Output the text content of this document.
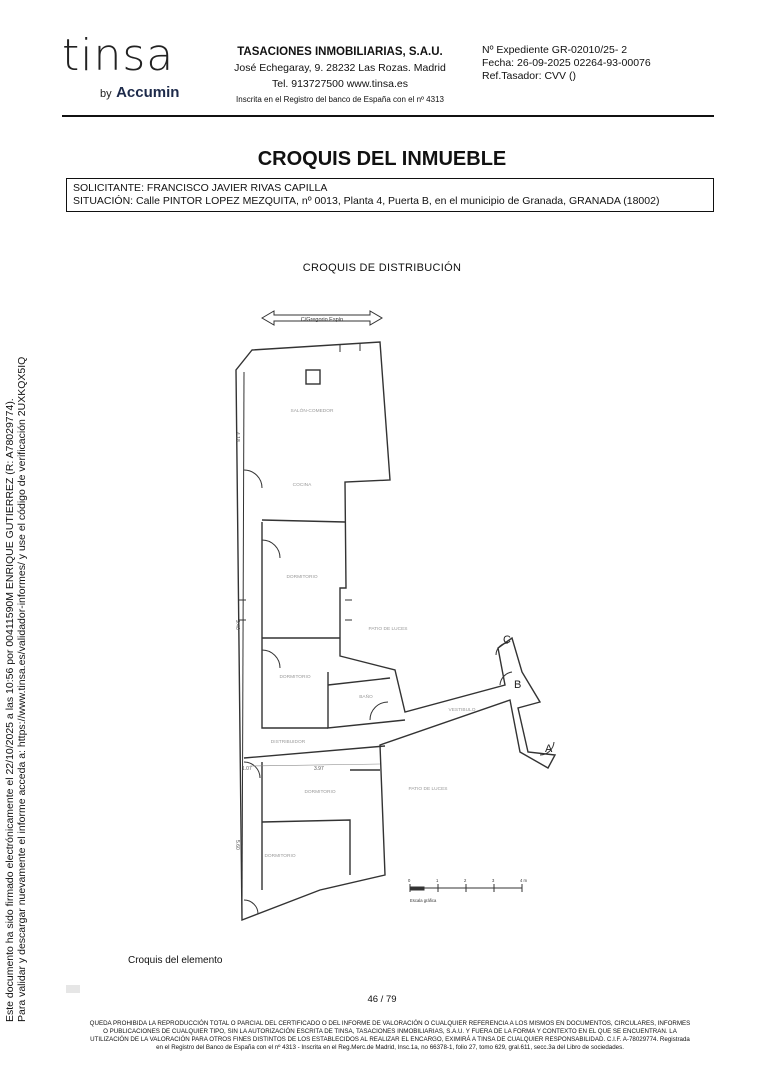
tinsa
by Accumin
TASACIONES INMOBILIARIAS, S.A.U.
José Echegaray, 9. 28232 Las Rozas. Madrid
Tel. 913727500 www.tinsa.es
Inscrita en el Registro del banco de España con el nº 4313
Nº Expediente GR-02010/25- 2
Fecha: 26-09-2025 02264-93-00076
Ref.Tasador: CVV ()
CROQUIS DEL INMUEBLE
SOLICITANTE: FRANCISCO JAVIER RIVAS CAPILLA
SITUACIÓN: Calle PINTOR LOPEZ MEZQUITA, nº 0013, Planta 4, Puerta B, en el municipio de Granada, GRANADA (18002)
CROQUIS DE DISTRIBUCIÓN
SALÓN-COMEDOR
COCINA
DORMITORIO
DORMITORIO
BAÑO
VESTIBULO
DISTRIBUIDOR
PATIO DE LUCES
PATIO DE LUCES
DORMITORIO
DORMITORIO
4.18
9.40
5.60
1.07	3.97
C/Gregorio Espín
A
B
C
0	1	2	3	4 m
Escala gráfica
Croquis del elemento
46 / 79
Este documento ha sido firmado electrónicamente el 22/10/2025 a las 10:56 por 00411590M ENRIQUE GUTIERREZ (R: A78029774). Para validar y descargar nuevamente el informe acceda a: https://www.tinsa.es/validador-informes/ y use el código de verificación 2UXKQX5IQ
QUEDA PROHIBIDA LA REPRODUCCIÓN TOTAL O PARCIAL DEL CERTIFICADO O DEL INFORME DE VALORACIÓN O CUALQUIER REFERENCIA A LOS MISMOS EN DOCUMENTOS, CIRCULARES, INFORMES
O PUBLICACIONES DE CUALQUIER TIPO, SIN LA AUTORIZACIÓN ESCRITA DE TINSA, TASACIONES INMOBILIARIAS, S.A.U. Y FUERA DE LA FORMA Y CONTEXTO EN EL QUE SE ENCUENTRAN. LA
UTILIZACIÓN DE LA VALORACIÓN PARA OTROS FINES DISTINTOS DE LOS ESTABLECIDOS AL REALIZAR EL ENCARGO, EXIMIRÁ A TINSA DE CUALQUIER RESPONSABILIDAD. C.I.F. A-78029774. Registrada
en el Registro del Banco de España con el nº 4313 - Inscrita en el Reg.Merc.de Madrid, Insc.1a, no 66378-1, folio 27, tomo 629, gral.611, secc.3a del Libro de sociedades.
